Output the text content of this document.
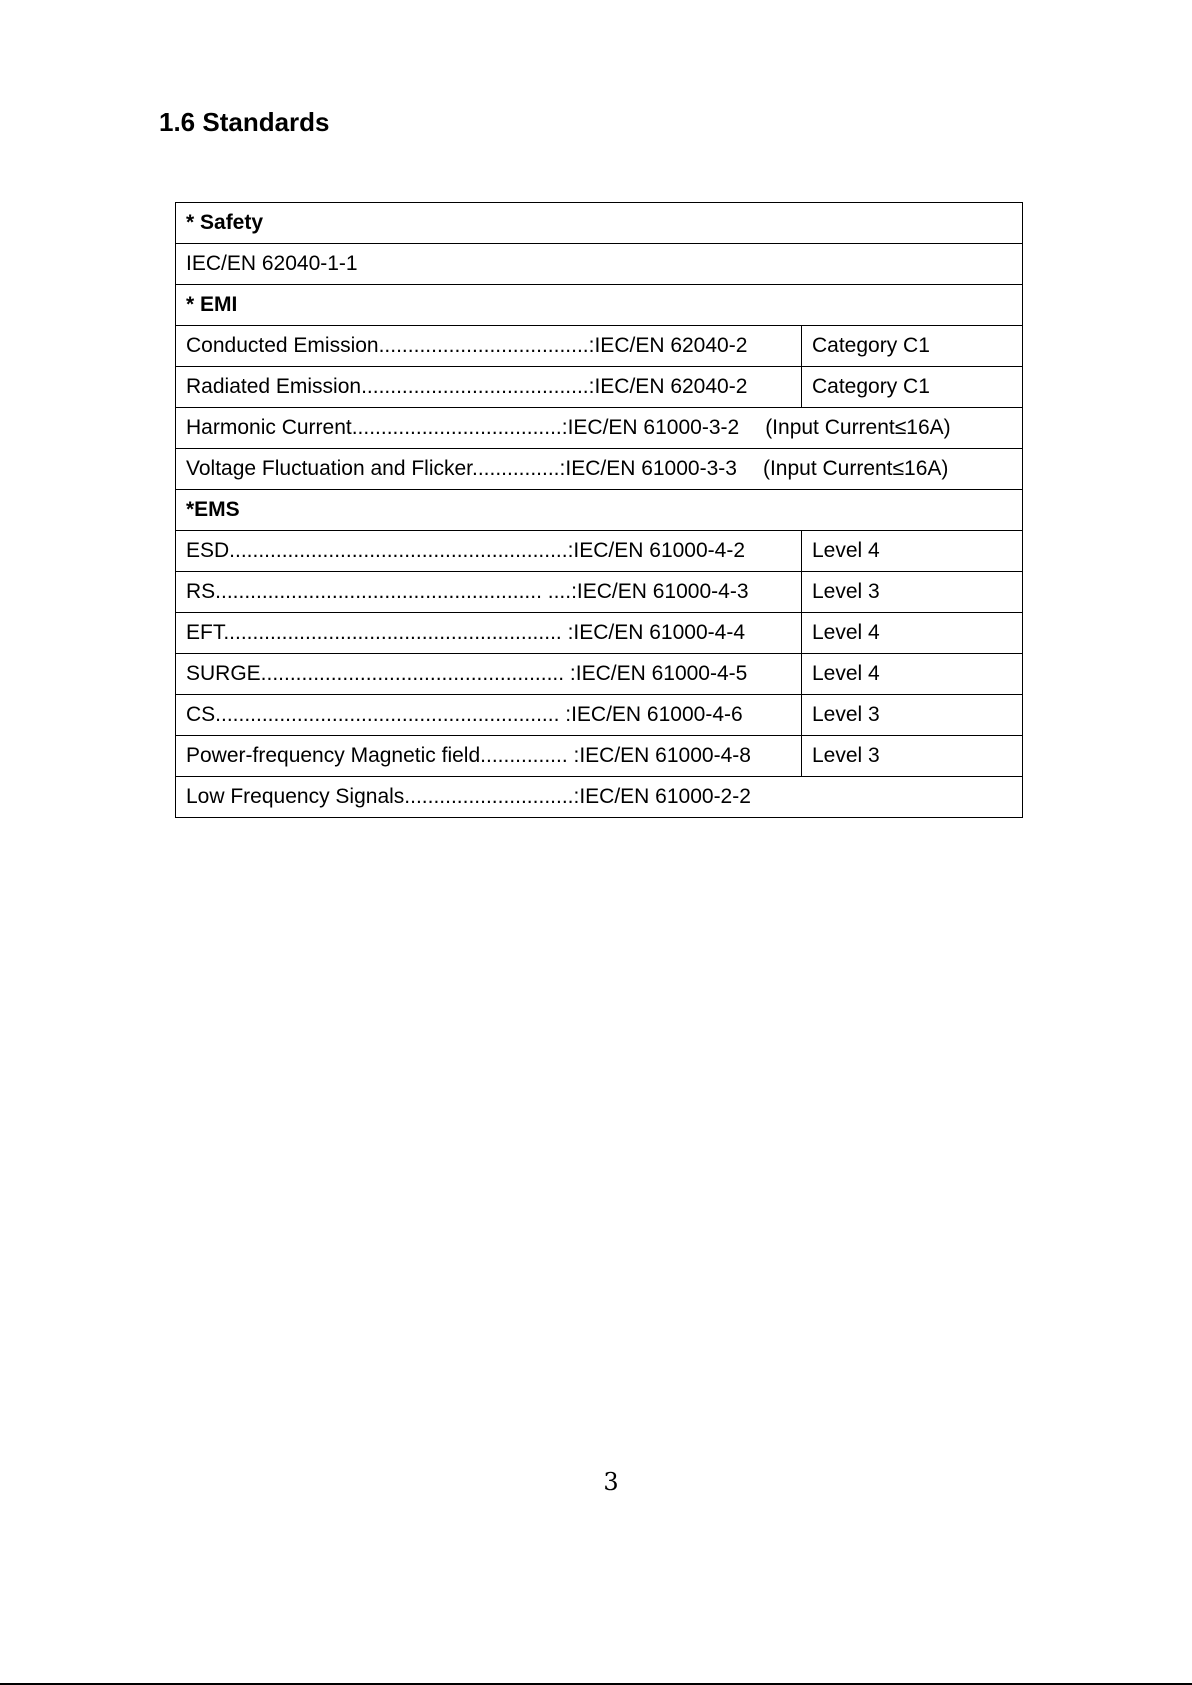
1.6 Standards
* Safety	
IEC/EN 62040-1-1	
* EMI	
Conducted Emission....................................:IEC/EN 62040-2	Category C1
Radiated Emission.......................................:IEC/EN 62040-2	Category C1
Harmonic Current....................................:IEC/EN 61000-3-2 (Input Current≤16A)	
Voltage Fluctuation and Flicker...............:IEC/EN 61000-3-3 (Input Current≤16A)	
*EMS	
ESD..........................................................:IEC/EN 61000-4-2	Level 4
RS........................................................ ....:IEC/EN 61000-4-3	Level 3
EFT.......................................................... :IEC/EN 61000-4-4	Level 4
SURGE.................................................... :IEC/EN 61000-4-5	Level 4
CS........................................................... :IEC/EN 61000-4-6	Level 3
Power-frequency Magnetic field............... :IEC/EN 61000-4-8	Level 3
Low Frequency Signals.............................:IEC/EN 61000-2-2	
3
